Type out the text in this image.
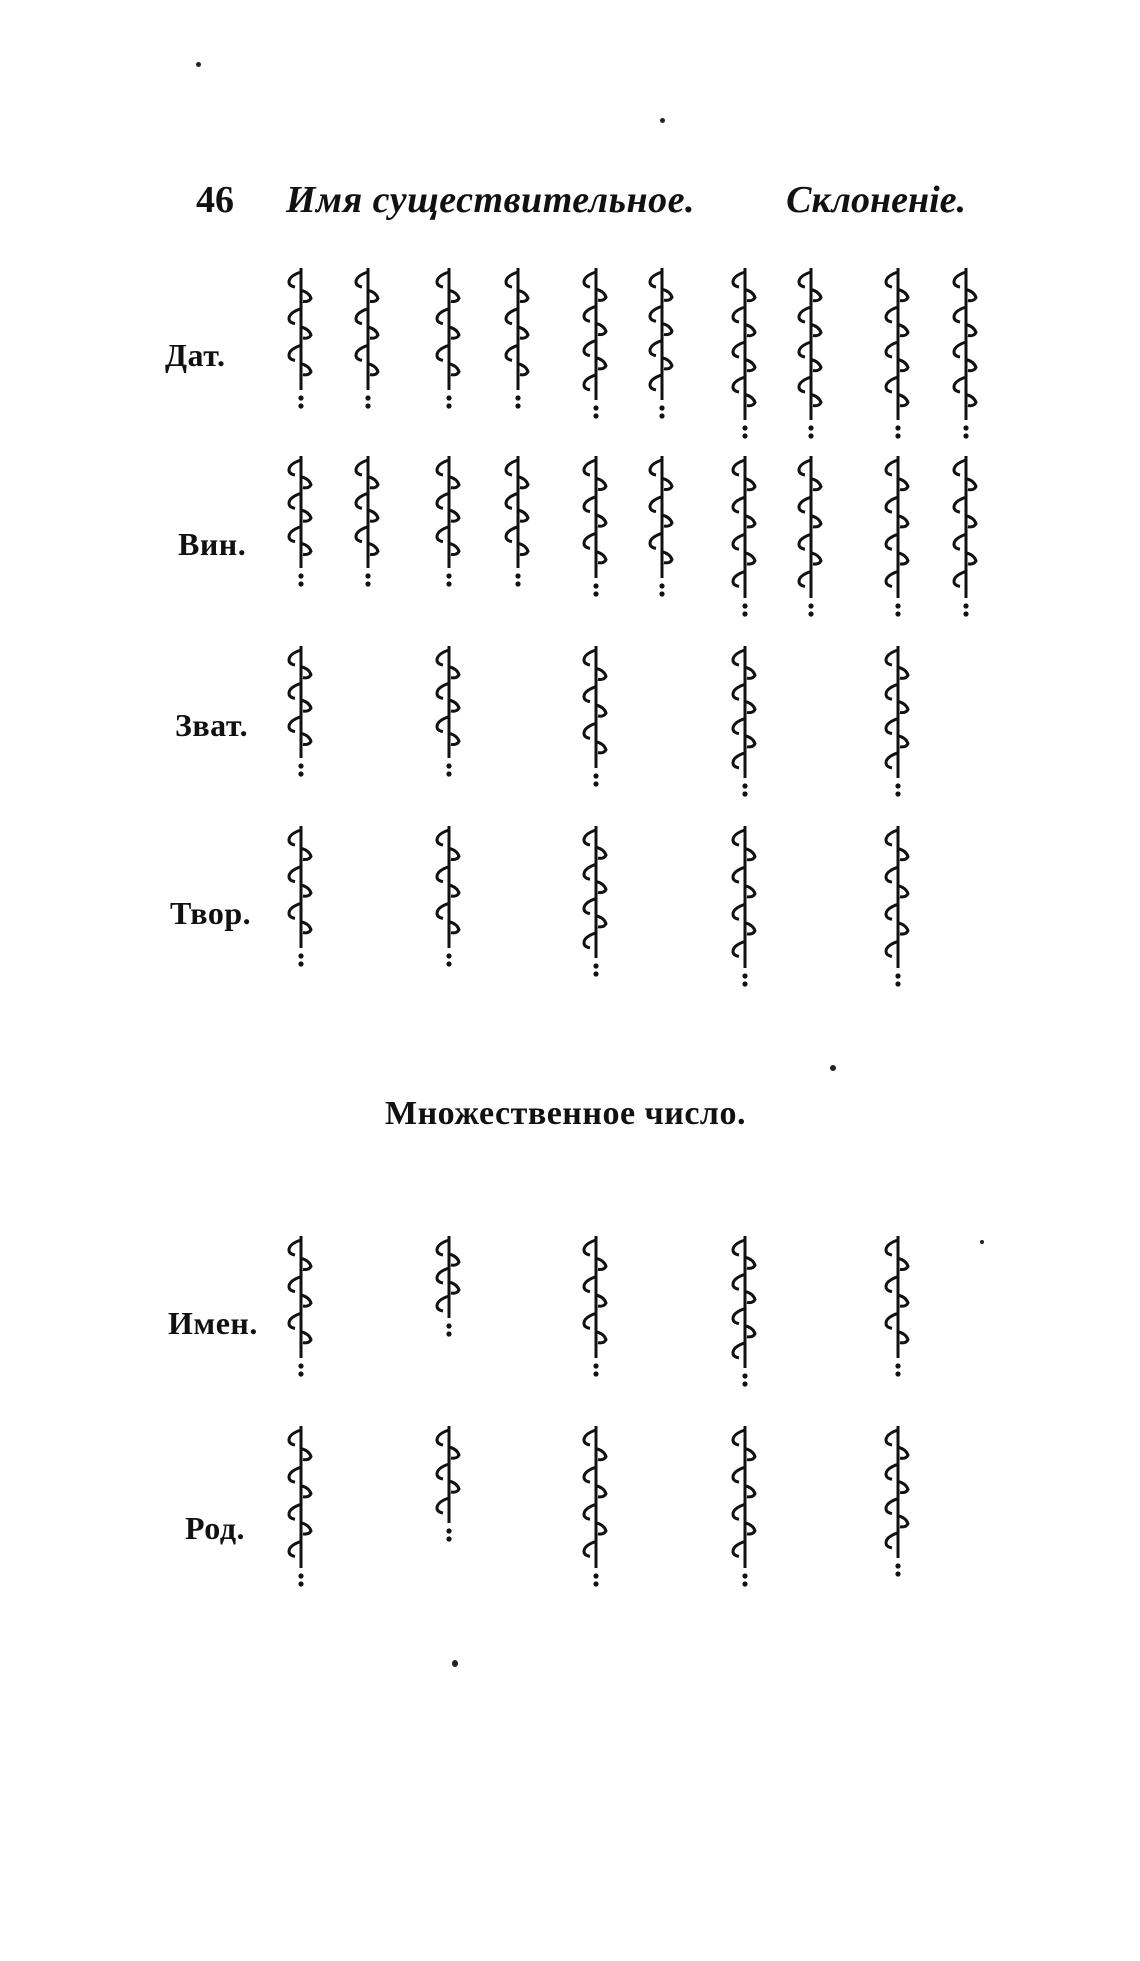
46 Имя существительное. Склоненіе.
Дат.
Вин.
Зват.
Твор.
Множественное число.
Имен.
Род.
